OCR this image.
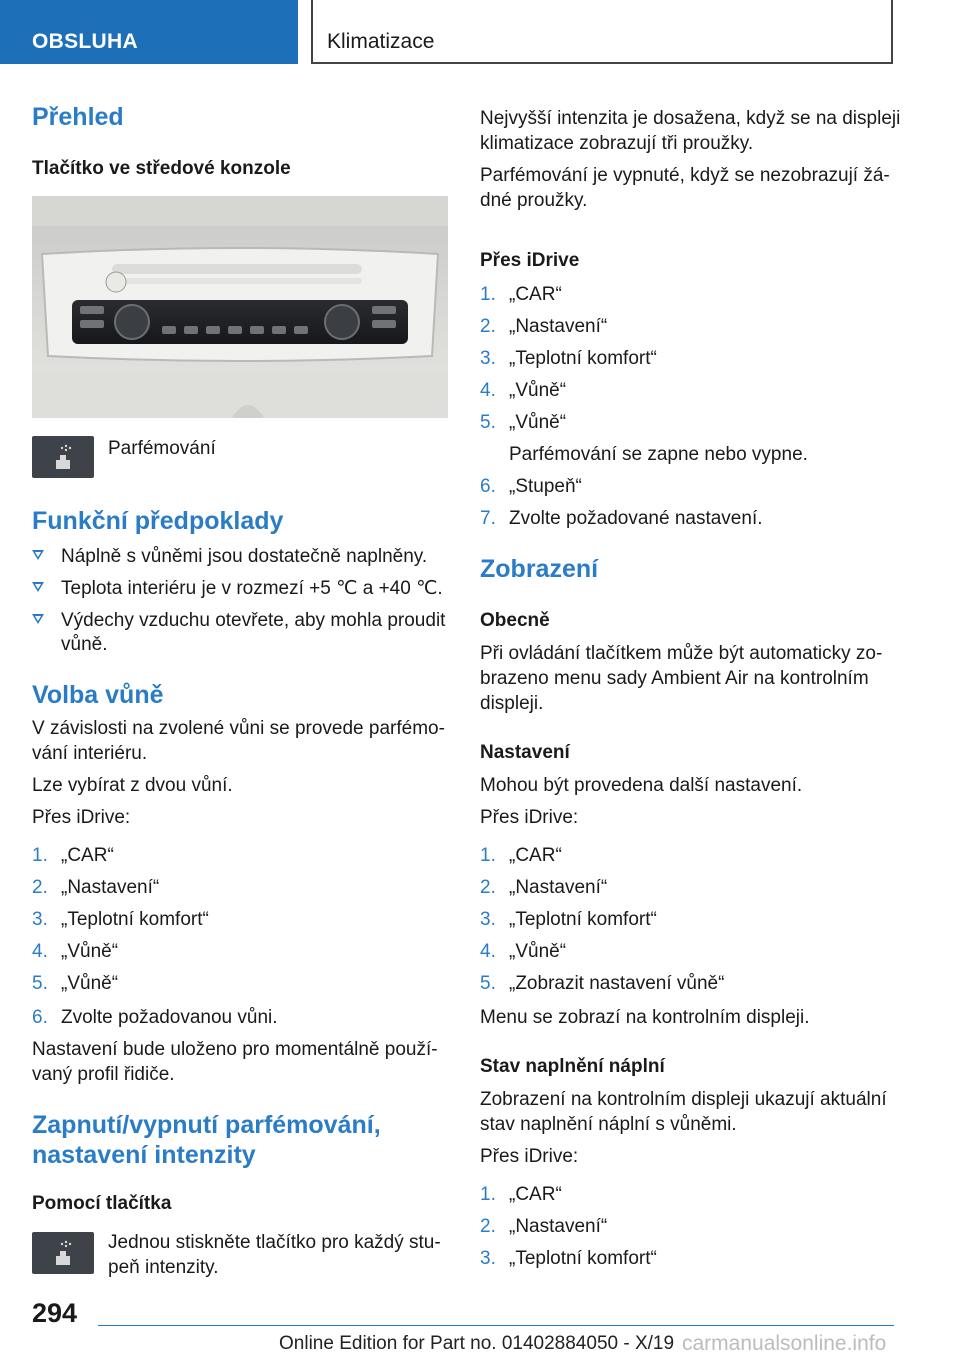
OBSLUHA	Klimatizace
Přehled
Tlačítko ve středové konzole
Parfémování
Funkční předpoklady
Náplně s vůněmi jsou dostatečně naplněny.
Teplota interiéru je v rozmezí +5 ℃ a +40 ℃.
Výdechy vzduchu otevřete, aby mohla proudit
vůně.
Volba vůně
V závislosti na zvolené vůni se provede parfémo‐
vání interiéru.
Lze vybírat z dvou vůní.
Přes iDrive:
1. „CAR“
2. „Nastavení“
3. „Teplotní komfort“
4. „Vůně“
5. „Vůně“
6. Zvolte požadovanou vůni.
Nastavení bude uloženo pro momentálně použí‐
vaný profil řidiče.
Zapnutí/vypnutí parfémování,
nastavení intenzity
Pomocí tlačítka
Jednou stiskněte tlačítko pro každý stu‐
peň intenzity.
Nejvyšší intenzita je dosažena, když se na displeji
klimatizace zobrazují tři proužky.
Parfémování je vypnuté, když se nezobrazují žá‐
dné proužky.
Přes iDrive
1. „CAR“
2. „Nastavení“
3. „Teplotní komfort“
4. „Vůně“
5. „Vůně“
Parfémování se zapne nebo vypne.
6. „Stupeň“
7. Zvolte požadované nastavení.
Zobrazení
Obecně
Při ovládání tlačítkem může být automaticky zo‐
brazeno menu sady Ambient Air na kontrolním
displeji.
Nastavení
Mohou být provedena další nastavení.
Přes iDrive:
1. „CAR“
2. „Nastavení“
3. „Teplotní komfort“
4. „Vůně“
5. „Zobrazit nastavení vůně“
Menu se zobrazí na kontrolním displeji.
Stav naplnění náplní
Zobrazení na kontrolním displeji ukazují aktuální
stav naplnění náplní s vůněmi.
Přes iDrive:
1. „CAR“
2. „Nastavení“
3. „Teplotní komfort“
294
Online Edition for Part no. 01402884050 - X/19 carmanualsonline.info
